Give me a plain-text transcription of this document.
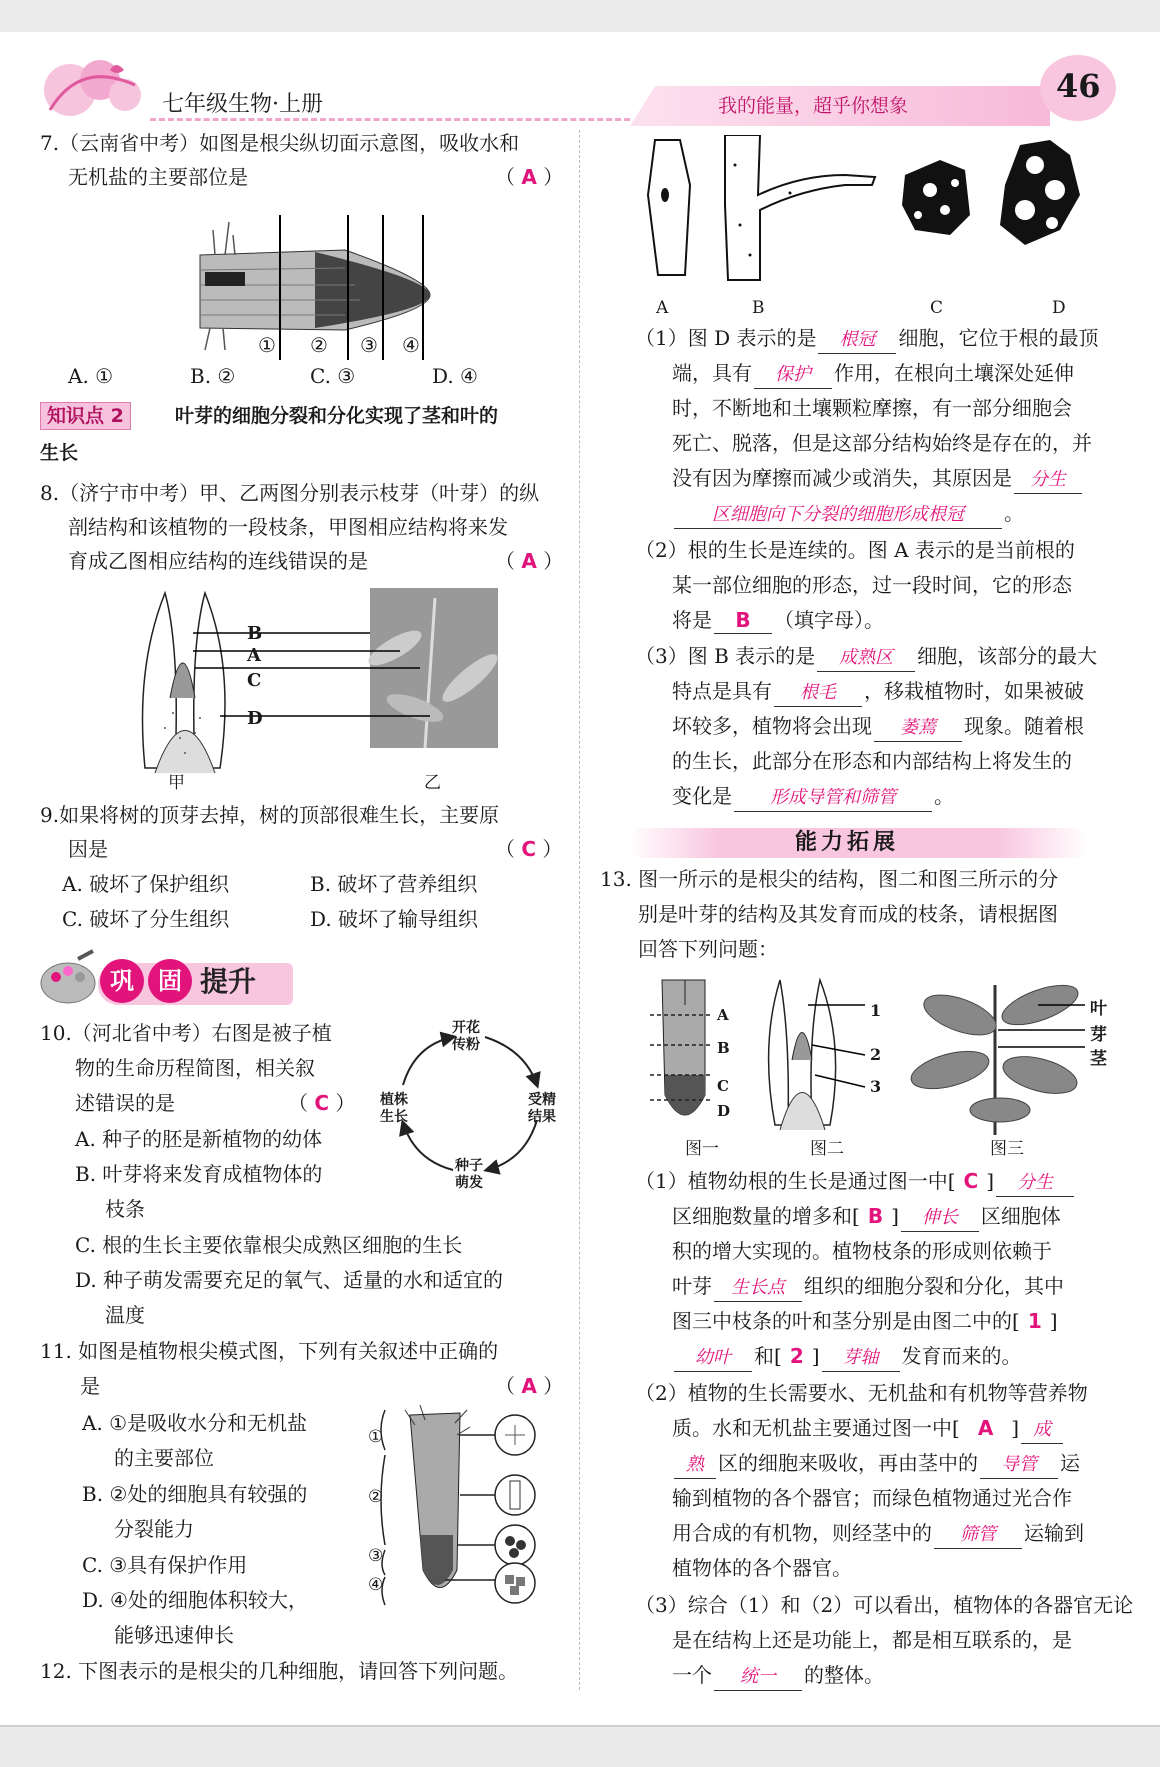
七年级生物·上册	我的能量，超乎你想象
46
7.（云南省中考）如图是根尖纵切面示意图，吸收水和
无机盐的主要部位是	（ A ）
① ② ③ ④
A. ①	B. ②	C. ③	D. ④
知识点 2	叶芽的细胞分裂和分化实现了茎和叶的
生长
8.（济宁市中考）甲、乙两图分别表示枝芽（叶芽）的纵
剖结构和该植物的一段枝条，甲图相应结构将来发
育成乙图相应结构的连线错误的是	（ A ）
B
A
C
D
甲	乙
9.如果将树的顶芽去掉，树的顶部很难生长，主要原
因是	（ C ）
A. 破坏了保护组织	B. 破坏了营养组织
C. 破坏了分生组织	D. 破坏了输导组织
巩 固 提升
10.（河北省中考）右图是被子植
物的生命历程简图，相关叙
述错误的是	（ C ）
开花
传粉
受精
结果
种子
萌发
植株
生长
A. 种子的胚是新植物的幼体
B. 叶芽将来发育成植物体的
枝条
C. 根的生长主要依靠根尖成熟区细胞的生长
D. 种子萌发需要充足的氧气、适量的水和适宜的
温度
11. 如图是植物根尖模式图，下列有关叙述中正确的
是	（ A ）
A. ①是吸收水分和无机盐
的主要部位
B. ②处的细胞具有较强的
分裂能力
C. ③具有保护作用
D. ④处的细胞体积较大，
能够迅速伸长
①
②
③
④
12. 下图表示的是根尖的几种细胞，请回答下列问题。
A	B	C	D
（1）图 D 表示的是 根冠 细胞，它位于根的最顶
端，具有 保护 作用，在根向土壤深处延伸
时，不断地和土壤颗粒摩擦，有一部分细胞会
死亡、脱落，但是这部分结构始终是存在的，并
没有因为摩擦而减少或消失，其原因是 分生
区细胞向下分裂的细胞形成根冠 。
（2）根的生长是连续的。图 A 表示的是当前根的
某一部位细胞的形态，过一段时间，它的形态
将是 B （填字母）。
（3）图 B 表示的是 成熟区 细胞，该部分的最大
特点是具有 根毛 ，移栽植物时，如果被破
坏较多，植物将会出现 萎蔫 现象。随着根
的生长，此部分在形态和内部结构上将发生的
变化是 形成导管和筛管 。
能力拓展
13. 图一所示的是根尖的结构，图二和图三所示的分
别是叶芽的结构及其发育而成的枝条，请根据图
回答下列问题：
A
B
C
D
1
2
3
叶
芽
茎
图一	图二	图三
（1）植物幼根的生长是通过图一中[ C ] 分生
区细胞数量的增多和[ B ] 伸长 区细胞体
积的增大实现的。植物枝条的形成则依赖于
叶芽 生长点 组织的细胞分裂和分化，其中
图三中枝条的叶和茎分别是由图二中的[ 1 ]
幼叶 和[ 2 ] 芽轴 发育而来的。
（2）植物的生长需要水、无机盐和有机物等营养物
质。水和无机盐主要通过图一中[ A ] 成
熟 区的细胞来吸收，再由茎中的 导管 运
输到植物的各个器官；而绿色植物通过光合作
用合成的有机物，则经茎中的 筛管 运输到
植物体的各个器官。
（3）综合（1）和（2）可以看出，植物体的各器官无论
是在结构上还是功能上，都是相互联系的，是
一个 统一 的整体。
